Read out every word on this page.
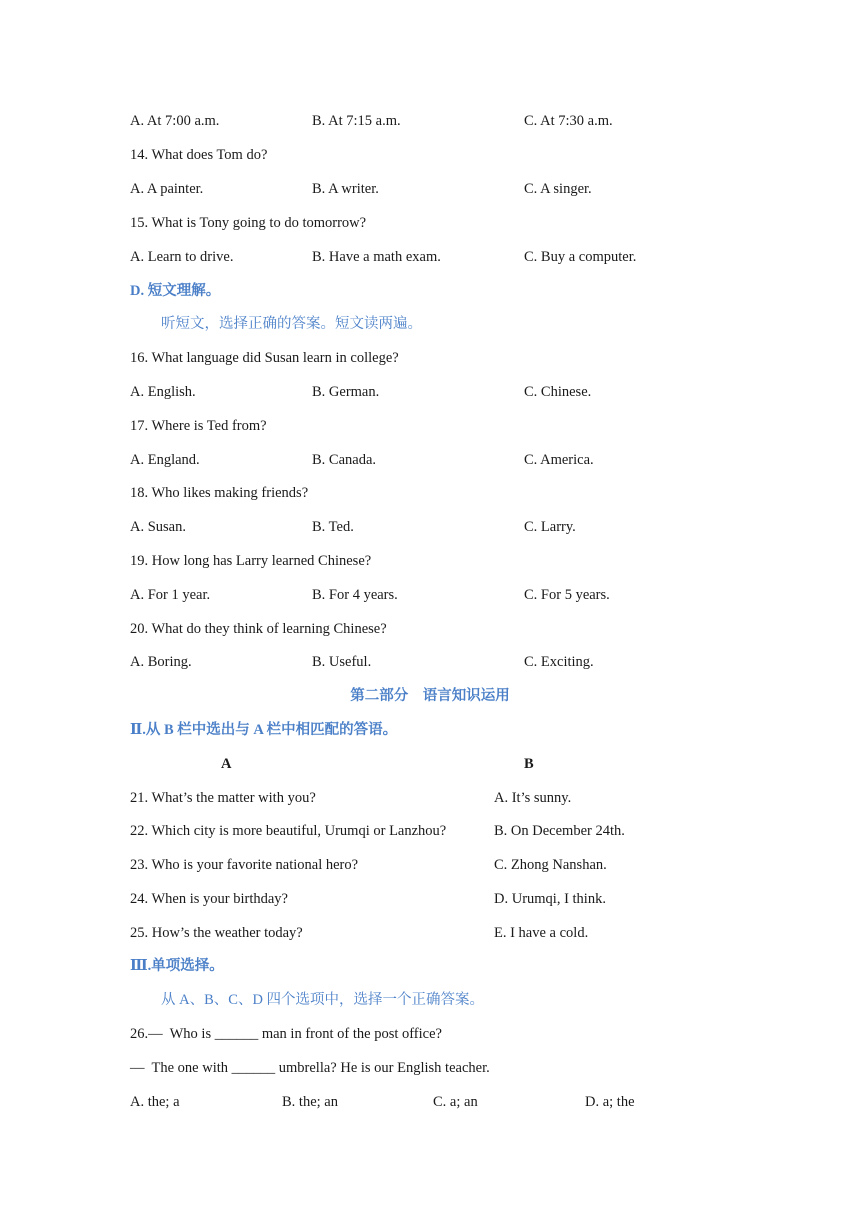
A. At 7:00 a.m.	B. At 7:15 a.m.	C. At 7:30 a.m.
14. What does Tom do?
A. A painter.	B. A writer.	C. A singer.
15. What is Tony going to do tomorrow?
A. Learn to drive.	B. Have a math exam.	C. Buy a computer.
D. 短文理解。
听短文，选择正确的答案。短文读两遍。
16. What language did Susan learn in college?
A. English.	B. German.	C. Chinese.
17. Where is Ted from?
A. England.	B. Canada.	C. America.
18. Who likes making friends?
A. Susan.	B. Ted.	C. Larry.
19. How long has Larry learned Chinese?
A. For 1 year.	B. For 4 years.	C. For 5 years.
20. What do they think of learning Chinese?
A. Boring.	B. Useful.	C. Exciting.
第二部分    语言知识运用
Ⅱ.从 B 栏中选出与 A 栏中相匹配的答语。
A	B
21. What’s the matter with you?	A. It’s sunny.
22. Which city is more beautiful, Urumqi or Lanzhou?	B. On December 24th.
23. Who is your favorite national hero?	C. Zhong Nanshan.
24. When is your birthday?	D. Urumqi, I think.
25. How’s the weather today?	E. I have a cold.
Ⅲ.单项选择。
从 A、B、C、D 四个选项中，选择一个正确答案。
26.—  Who is ______ man in front of the post office?
—  The one with ______ umbrella? He is our English teacher.
A. the; a	B. the; an	C. a; an	D. a; the
